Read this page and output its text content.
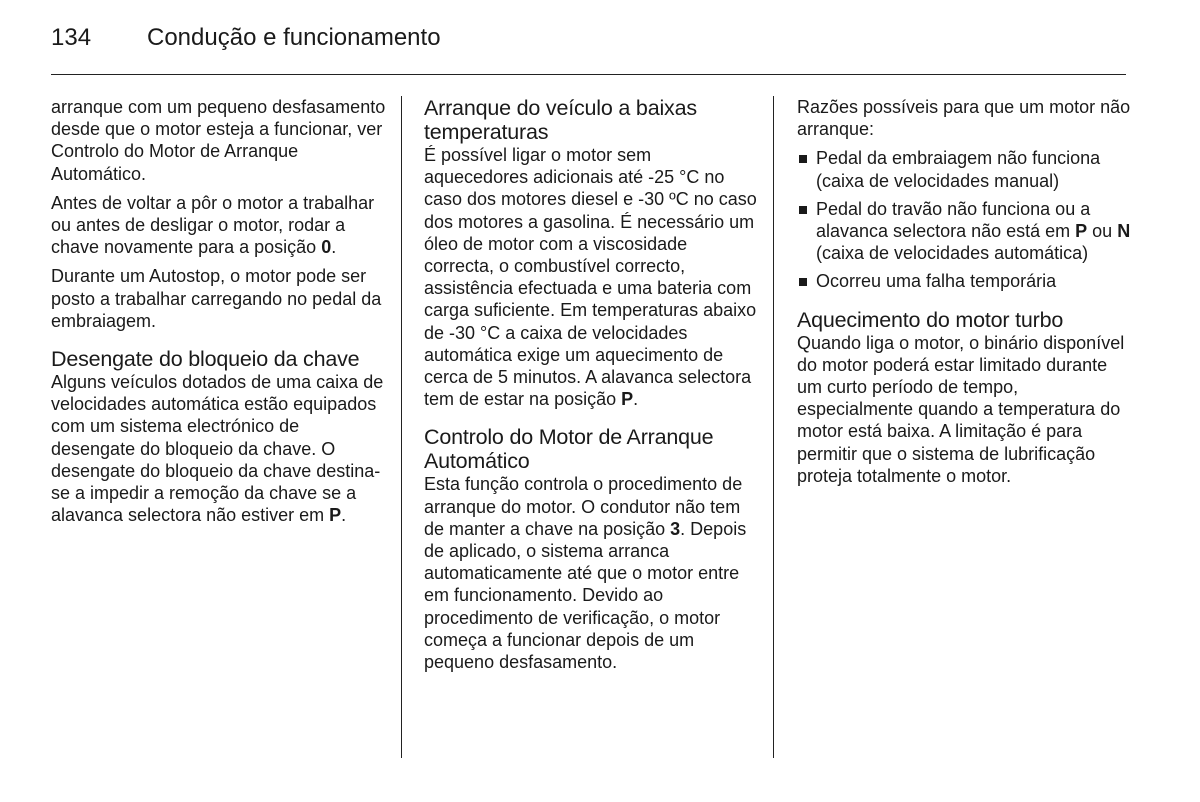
134 Condução e funcionamento

arranque com um pequeno desfasamento desde que o motor esteja a funcionar, ver Controlo do Motor de Arranque Automático.

Antes de voltar a pôr o motor a trabalhar ou antes de desligar o motor, rodar a chave novamente para a posição 0.

Durante um Autostop, o motor pode ser posto a trabalhar carregando no pedal da embraiagem.

Desengate do bloqueio da chave

Alguns veículos dotados de uma caixa de velocidades automática estão equipados com um sistema electrónico de desengate do bloqueio da chave. O desengate do bloqueio da chave destina-se a impedir a remoção da chave se a alavanca selectora não estiver em P.

Arranque do veículo a baixas temperaturas

É possível ligar o motor sem aquecedores adicionais até -25 °C no caso dos motores diesel e -30 ºC no caso dos motores a gasolina. É necessário um óleo de motor com a viscosidade correcta, o combustível correcto, assistência efectuada e uma bateria com carga suficiente. Em temperaturas abaixo de -30 °C a caixa de velocidades automática exige um aquecimento de cerca de 5 minutos. A alavanca selectora tem de estar na posição P.

Controlo do Motor de Arranque Automático

Esta função controla o procedimento de arranque do motor. O condutor não tem de manter a chave na posição 3. Depois de aplicado, o sistema arranca automaticamente até que o motor entre em funcionamento. Devido ao procedimento de verificação, o motor começa a funcionar depois de um pequeno desfasamento.

Razões possíveis para que um motor não arranque:

Pedal da embraiagem não funciona (caixa de velocidades manual)
Pedal do travão não funciona ou a alavanca selectora não está em P ou N (caixa de velocidades automática)
Ocorreu uma falha temporária
Aquecimento do motor turbo

Quando liga o motor, o binário disponível do motor poderá estar limitado durante um curto período de tempo, especialmente quando a temperatura do motor está baixa. A limitação é para permitir que o sistema de lubrificação proteja totalmente o motor.
